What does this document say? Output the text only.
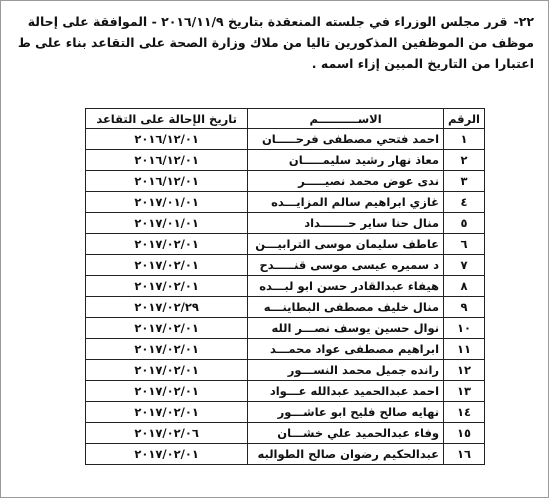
٢٢-قرر مجلس الوزراء في جلسته المنعقدة بتاريخ ٢٠١٦/١١/٩ - الموافقة على إحالة
موظف من الموظفين المذكورين تاليا من ملاك وزارة الصحة على التقاعد بناء على ط
اعتبارا من التاريخ المبين إزاء اسمه .
الرقم	الاســــــــــم	تاريخ الإحالة على التقاعد
١	احمد فتحي مصطفى فرحـــــان	٢٠١٦/١٢/٠١
٢	معاذ نهار رشيد سليمـــــان	٢٠١٦/١٢/٠١
٣	ندى عوض محمد نصيـــــر	٢٠١٦/١٢/٠١
٤	غازي ابراهيم سالم المزايـــده	٢٠١٧/٠١/٠١
٥	منال حنا ساير حـــــــداد	٢٠١٧/٠١/٠١
٦	عاطف سليمان موسى الترابيـــن	٢٠١٧/٠٢/٠١
٧	د سميره عيسى موسى قنـــــدح	٢٠١٧/٠٢/٠١
٨	هيفاء عبدالقادر حسن ابو لبـــده	٢٠١٧/٠٢/٠١
٩	منال خليف مصطفى البطاينـــه	٢٠١٧/٠٢/٢٩
١٠	نوال حسين يوسف نصـــر الله	٢٠١٧/٠٢/٠١
١١	ابراهيم مصطفى عواد محمـــد	٢٠١٧/٠٢/٠١
١٢	رانده جميل محمد النســـور	٢٠١٧/٠٢/٠١
١٣	احمد عبدالحميد عبدالله عـــواد	٢٠١٧/٠٢/٠١
١٤	نهايه صالح فليح ابو عاشـــور	٢٠١٧/٠٢/٠١
١٥	وفاء عبدالحميد علي خشـــان	٢٠١٧/٠٢/٠٦
١٦	عبدالحكيم رضوان صالح الطوالبه	٢٠١٧/٠٢/٠١
